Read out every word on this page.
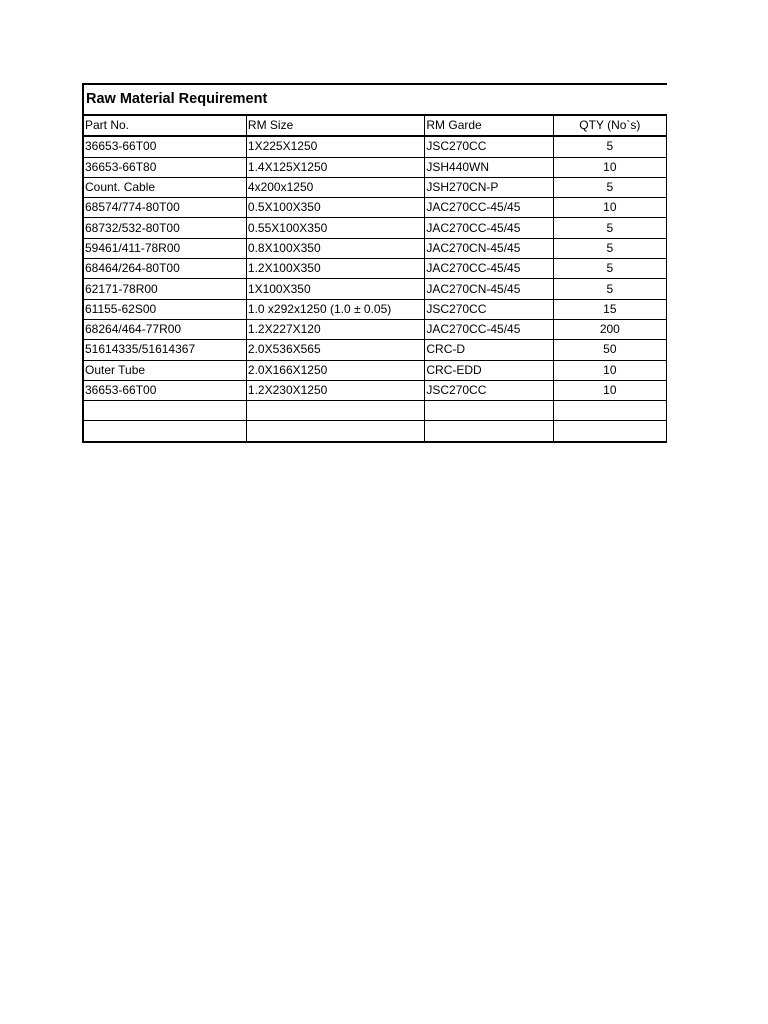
Raw Material Requirement
Part No.	RM Size	RM Garde	QTY (No`s)
36653-66T00	1X225X1250	JSC270CC	5
36653-66T80	1.4X125X1250	JSH440WN	10
Count. Cable	4x200x1250	JSH270CN-P	5
68574/774-80T00	0.5X100X350	JAC270CC-45/45	10
68732/532-80T00	0.55X100X350	JAC270CC-45/45	5
59461/411-78R00	0.8X100X350	JAC270CN-45/45	5
68464/264-80T00	1.2X100X350	JAC270CC-45/45	5
62171-78R00	1X100X350	JAC270CN-45/45	5
61155-62S00	1.0 x292x1250 (1.0 ± 0.05)	JSC270CC	15
68264/464-77R00	1.2X227X120	JAC270CC-45/45	200
51614335/51614367	2.0X536X565	CRC-D	50
Outer Tube	2.0X166X1250	CRC-EDD	10
36653-66T00	1.2X230X1250	JSC270CC	10
